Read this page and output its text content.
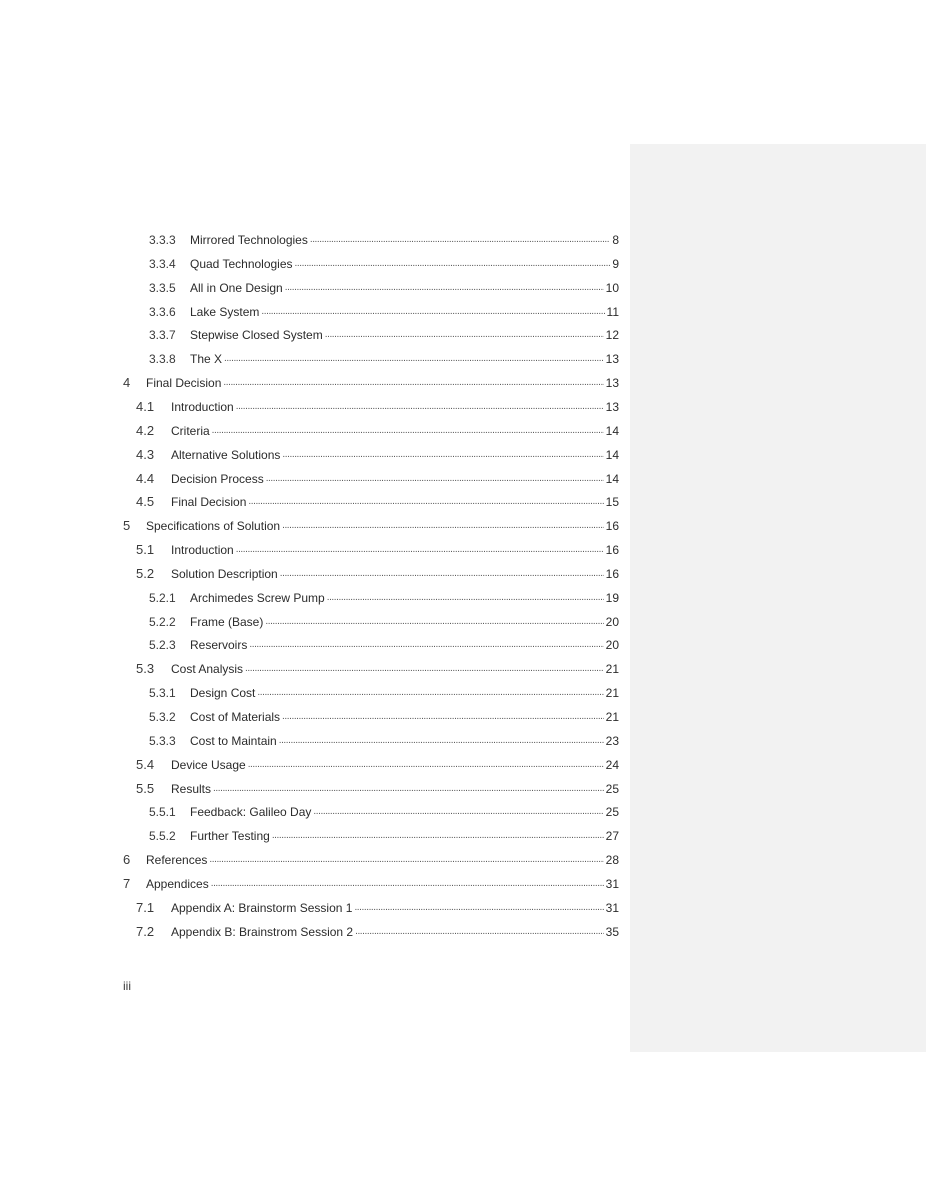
3.3.3	Mirrored Technologies . . .	8
3.3.4	Quad Technologies . . .	9
3.3.5	All in One Design . . .	10
3.3.6	Lake System . . .	11
3.3.7	Stepwise Closed System . . .	12
3.3.8	The X . . .	13
4	Final Decision . . .	13
4.1	Introduction . . .	13
4.2	Criteria . . .	14
4.3	Alternative Solutions . . .	14
4.4	Decision Process . . .	14
4.5	Final Decision . . .	15
5	Specifications of Solution . . .	16
5.1	Introduction . . .	16
5.2	Solution Description . . .	16
5.2.1	Archimedes Screw Pump . . .	19
5.2.2	Frame (Base) . . .	20
5.2.3	Reservoirs . . .	20
5.3	Cost Analysis . . .	21
5.3.1	Design Cost . . .	21
5.3.2	Cost of Materials . . .	21
5.3.3	Cost to Maintain . . .	23
5.4	Device Usage . . .	24
5.5	Results . . .	25
5.5.1	Feedback: Galileo Day . . .	25
5.5.2	Further Testing . . .	27
6	References . . .	28
7	Appendices . . .	31
7.1	Appendix A: Brainstorm Session 1 . . .	31
7.2	Appendix B: Brainstrom Session 2 . . .	35
iii
